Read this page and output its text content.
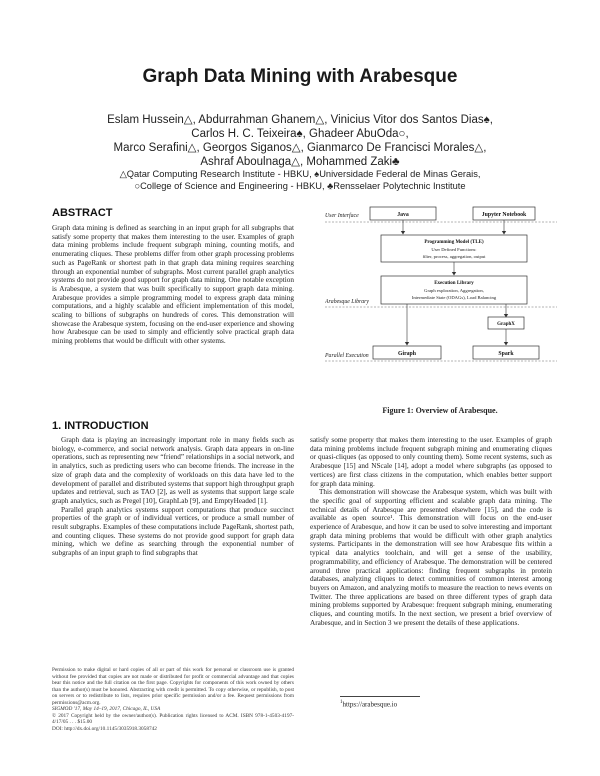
Graph Data Mining with Arabesque
Eslam Hussein△, Abdurrahman Ghanem△, Vinicius Vitor dos Santos Dias♠,
Carlos H. C. Teixeira♠, Ghadeer AbuOda○,
Marco Serafini△, Georgos Siganos△, Gianmarco De Francisci Morales△,
Ashraf Aboulnaga△, Mohammed Zaki♣
△Qatar Computing Research Institute - HBKU, ♠Universidade Federal de Minas Gerais,
○College of Science and Engineering - HBKU, ♣Rensselaer Polytechnic Institute
ABSTRACT

Graph data mining is defined as searching in an input graph for all subgraphs that satisfy some property that makes them interesting to the user. Examples of graph data mining problems include frequent subgraph mining, counting motifs, and enumerating cliques. These problems differ from other graph processing problems such as PageRank or shortest path in that graph data mining requires searching through an exponential number of subgraphs. Most current parallel graph analytics systems do not provide good support for graph data mining. One notable exception is Arabesque, a system that was built specifically to support graph data mining. Arabesque provides a simple programming model to express graph data mining computations, and a highly scalable and efficient implementation of this model, scaling to billions of subgraphs on hundreds of cores. This demonstration will showcase the Arabesque system, focusing on the end-user experience and showing how Arabesque can be used to simply and efficiently solve practical graph data mining problems that would be difficult with other systems.

1. INTRODUCTION

Graph data is playing an increasingly important role in many fields such as biology, e-commerce, and social network analysis. Graph data appears in on-line operations, such as representing new “friend” relationships in a social network, and in analytics, such as predicting users who can become friends. The increase in the size of graph data and the complexity of workloads on this data have led to the development of parallel and distributed systems that support high throughput graph updates and retrieval, such as TAO [2], as well as systems that support large scale graph analytics, such as Pregel [10], GraphLab [9], and EmptyHeaded [1].

Parallel graph analytics systems support computations that produce succinct properties of the graph or of individual vertices, or produce a small number of result subgraphs. Examples of these computations include PageRank, shortest path, and counting cliques. These systems do not provide good support for graph data mining, which we define as searching through the exponential number of subgraphs of an input graph to find subgraphs that

Permission to make digital or hard copies of all or part of this work for personal or classroom use is granted without fee provided that copies are not made or distributed for profit or commercial advantage and that copies bear this notice and the full citation on the first page. Copyrights for components of this work owned by others than the author(s) must be honored. Abstracting with credit is permitted. To copy otherwise, or republish, to post on servers or to redistribute to lists, requires prior specific permission and/or a fee. Request permissions from permissions@acm.org.
SIGMOD '17, May 14–19, 2017, Chicago, IL, USA
© 2017 Copyright held by the owner/author(s). Publication rights licensed to ACM. ISBN 978-1-4503-4197-4/17/05 . . . $15.00
DOI: http://dx.doi.org/10.1145/3035918.3058742
User Interface
Arabesque Library
Parallel Execution
Java	Jupyter Notebook
Programming Model (TLE)
User Defined Functions:
filter, process, aggregation, output
Execution Library
Graph exploration, Aggregation,
Intermediate State (ODAGs), Load Balancing
GraphX
Giraph	Spark

Figure 1: Overview of Arabesque.

satisfy some property that makes them interesting to the user. Examples of graph data mining problems include frequent subgraph mining and enumerating cliques or quasi-cliques (as opposed to only counting them). Some recent systems, such as Arabesque [15] and NScale [14], adopt a model where subgraphs (as opposed to vertices) are first class citizens in the computation, which enables better support for graph data mining.

This demonstration will showcase the Arabesque system, which was built with the specific goal of supporting efficient and scalable graph data mining. The technical details of Arabesque are presented elsewhere [15], and the code is available as open source¹. This demonstration will focus on the end-user experience of Arabesque, and how it can be used to solve interesting and important graph data mining problems that would be difficult with other graph analytics systems. Participants in the demonstration will see how Arabesque fits within a typical data analytics toolchain, and will get a sense of the usability, programmability, and efficiency of Arabesque. The demonstration will be centered around three practical applications: finding frequent subgraphs in protein databases, analyzing cliques to detect communities of common interest among buyers on Amazon, and analyzing motifs to measure the reaction to news events on Twitter. The three applications are based on three different types of graph data mining problems supported by Arabesque: frequent subgraph mining, enumerating cliques, and counting motifs. In the next section, we present a brief overview of Arabesque, and in Section 3 we present the details of these applications.

$^1$https://arabesque.io
